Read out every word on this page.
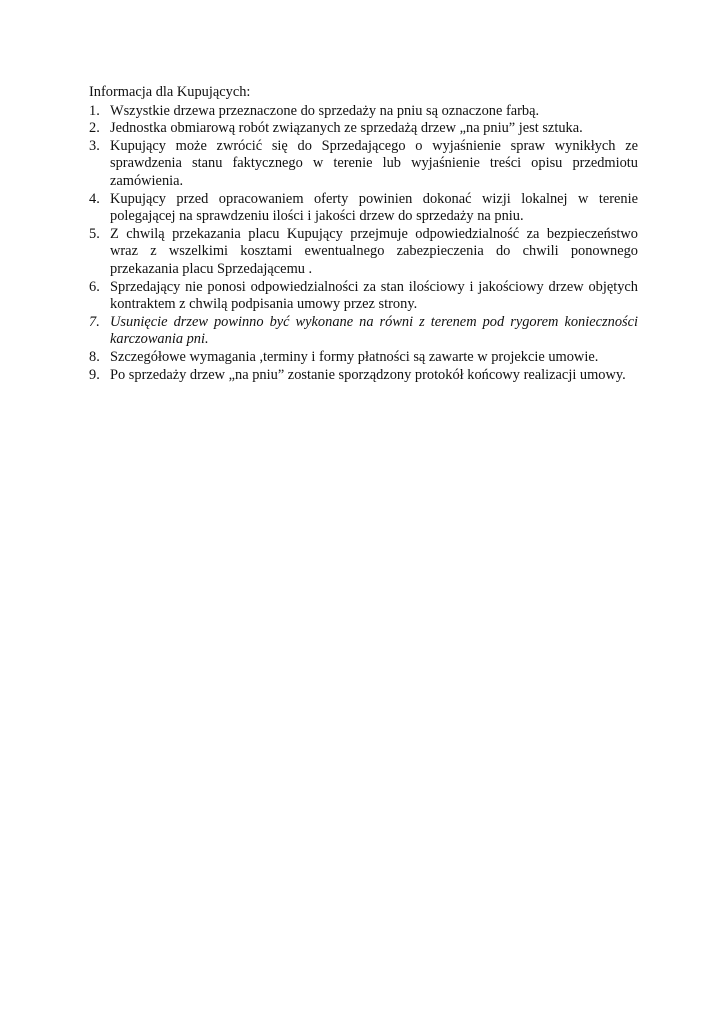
Informacja dla Kupujących:
1. Wszystkie drzewa przeznaczone do sprzedaży na pniu są oznaczone farbą.
2. Jednostka obmiarową robót związanych ze sprzedażą drzew „na pniu” jest sztuka.
3. Kupujący może zwrócić się do Sprzedającego o wyjaśnienie spraw wynikłych ze sprawdzenia stanu faktycznego w terenie lub wyjaśnienie treści opisu przedmiotu zamówienia.
4. Kupujący przed opracowaniem oferty powinien dokonać wizji lokalnej w terenie polegającej na sprawdzeniu ilości i jakości drzew do sprzedaży na pniu.
5. Z chwilą przekazania placu Kupujący przejmuje odpowiedzialność za bezpieczeństwo wraz z wszelkimi kosztami ewentualnego zabezpieczenia do chwili ponownego przekazania placu Sprzedającemu .
6. Sprzedający nie ponosi odpowiedzialności za stan ilościowy i jakościowy drzew objętych kontraktem z chwilą podpisania umowy przez strony.
7. Usunięcie drzew powinno być wykonane na równi z terenem pod rygorem konieczności karczowania pni.
8. Szczegółowe wymagania ,terminy i formy płatności są zawarte w projekcie umowie.
9. Po sprzedaży drzew „na pniu” zostanie sporządzony protokół końcowy realizacji umowy.
